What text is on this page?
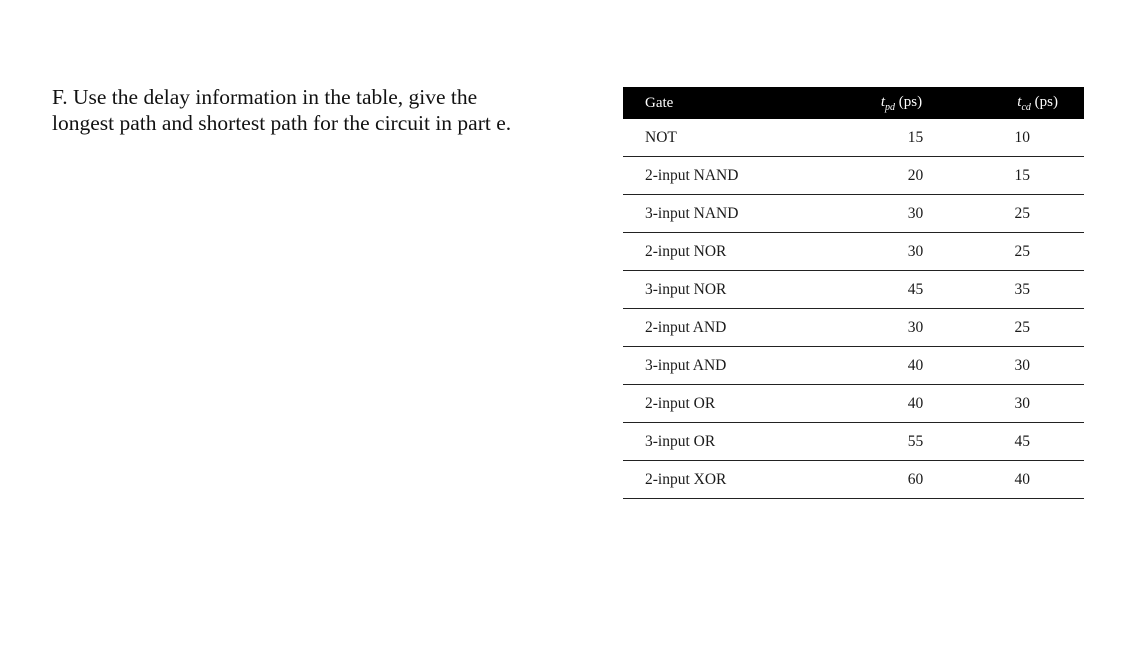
F. Use the delay information in the table, give the
longest path and shortest path for the circuit in part e.

Gate	$t_{pd}$ (ps)	$t_{cd}$ (ps)
NOT	15	10
2-input NAND	20	15
3-input NAND	30	25
2-input NOR	30	25
3-input NOR	45	35
2-input AND	30	25
3-input AND	40	30
2-input OR	40	30
3-input OR	55	45
2-input XOR	60	40
